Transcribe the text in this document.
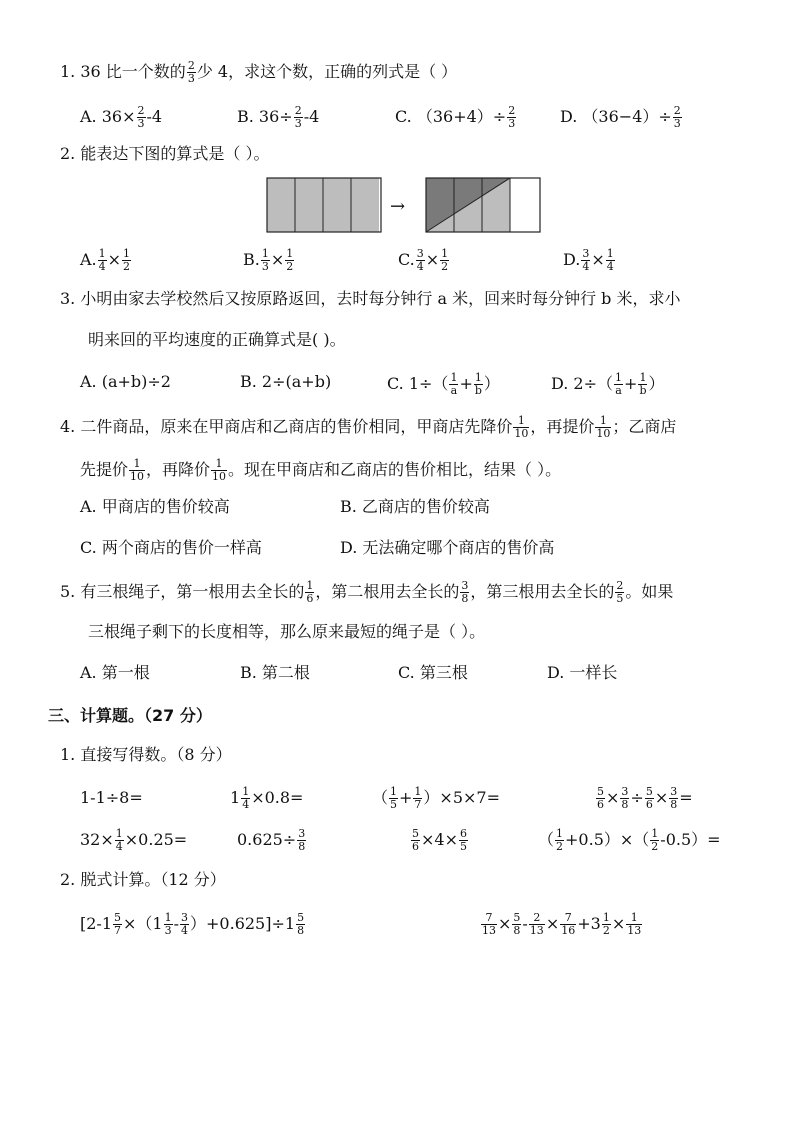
1. 36 比一个数的 $\frac{2}{3}$ 少 4，求这个数，正确的列式是（ ）
A. $36\times \frac{2}{3} -4$	B. $36\div \frac{2}{3} -4$	C. $(36+4)\div \frac{2}{3}$	D. $(36-4)\div \frac{2}{3}$
2. 能表达下图的算式是（ ）。
→
A. $\frac{1}{4} \times \frac{1}{2}$	B. $\frac{1}{3} \times \frac{1}{2}$	C. $\frac{3}{4} \times \frac{1}{2}$	D. $\frac{3}{4} \times \frac{1}{4}$
3. 小明由家去学校然后又按原路返回，去时每分钟行 a 米，回来时每分钟行 b 米，求小
明来回的平均速度的正确算式是( )。
A. (a+b)÷2	B. 2÷(a+b)	C. $1\div( \frac{1}{a} + \frac{1}{b}$ ）	D. $2\div( \frac{1}{a} + \frac{1}{b}$ ）
4. 二件商品，原来在甲商店和乙商店的售价相同，甲商店先降价 $\frac{1}{10}$ ，再提价 $\frac{1}{10}$ ；乙商店
先提价 $\frac{1}{10}$ ，再降价 $\frac{1}{10}$ 。现在甲商店和乙商店的售价相比，结果（ ）。
A. 甲商店的售价较高	B. 乙商店的售价较高
C. 两个商店的售价一样高	D. 无法确定哪个商店的售价高
5. 有三根绳子，第一根用去全长的 $\frac{1}{6}$ ，第二根用去全长的 $\frac{3}{8}$ ，第三根用去全长的 $\frac{2}{5}$ 。如果
三根绳子剩下的长度相等，那么原来最短的绳子是（ ）。
A. 第一根	B. 第二根	C. 第三根	D. 一样长
三、计算题。（27 分）
1. 直接写得数。（8 分）
1-1÷8=	$1 \frac{1}{4} \times 0.8=$	（ $\frac{1}{5} + \frac{1}{7} )\times 5\times 7=$	$\frac{5}{6} \times \frac{3}{8} \div \frac{5}{6} \times \frac{3}{8}$ =
$32\times \frac{1}{4} \times 0.25=$	$0.625\div \frac{3}{8}$	$\frac{5}{6} \times 4\times \frac{6}{5}$	（ $\frac{1}{2} +0.5)\times( \frac{1}{2} -0.5)=$
2. 脱式计算。（12 分）
$[2-1 \frac{5}{7} \times(1 \frac{1}{3} - \frac{3}{4} )+0.625]\div 1 \frac{5}{8}$	$\frac{7}{13} \times \frac{5}{8} - \frac{2}{13} \times \frac{7}{16} +3 \frac{1}{2} \times \frac{1}{13}$
